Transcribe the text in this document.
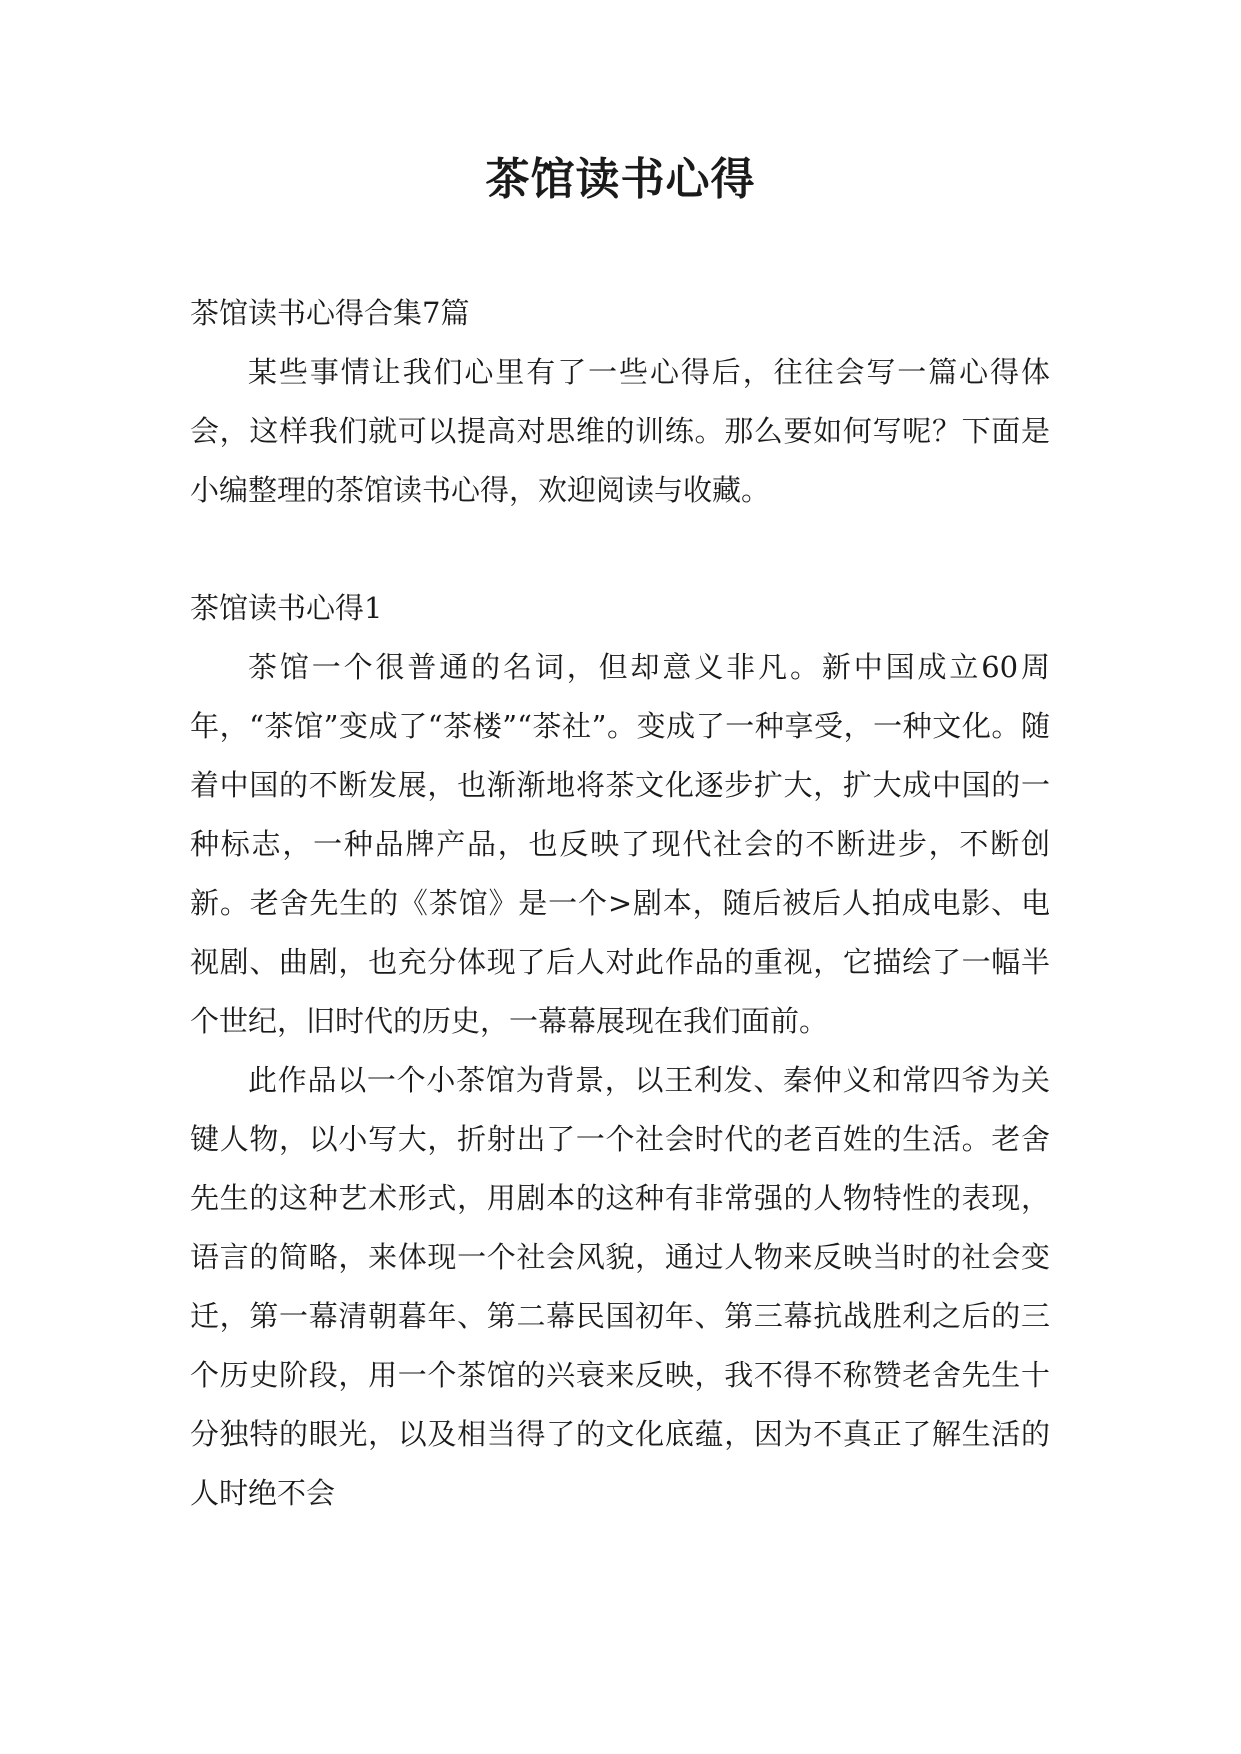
茶馆读书心得

茶馆读书心得合集7篇

某些事情让我们心里有了一些心得后，往往会写一篇心得体会，这样我们就可以提高对思维的训练。那么要如何写呢？下面是小编整理的茶馆读书心得，欢迎阅读与收藏。

茶馆读书心得1

茶馆一个很普通的名词，但却意义非凡。新中国成立60周年，“茶馆”变成了“茶楼”“茶社”。变成了一种享受，一种文化。随着中国的不断发展，也渐渐地将茶文化逐步扩大，扩大成中国的一种标志，一种品牌产品，也反映了现代社会的不断进步，不断创新。老舍先生的《茶馆》是一个>剧本，随后被后人拍成电影、电视剧、曲剧，也充分体现了后人对此作品的重视，它描绘了一幅半个世纪，旧时代的历史，一幕幕展现在我们面前。

此作品以一个小茶馆为背景，以王利发、秦仲义和常四爷为关键人物，以小写大，折射出了一个社会时代的老百姓的生活。老舍先生的这种艺术形式，用剧本的这种有非常强的人物特性的表现，语言的简略，来体现一个社会风貌，通过人物来反映当时的社会变迁，第一幕清朝暮年、第二幕民国初年、第三幕抗战胜利之后的三个历史阶段，用一个茶馆的兴衰来反映，我不得不称赞老舍先生十分独特的眼光，以及相当得了的文化底蕴，因为不真正了解生活的人时绝不会
